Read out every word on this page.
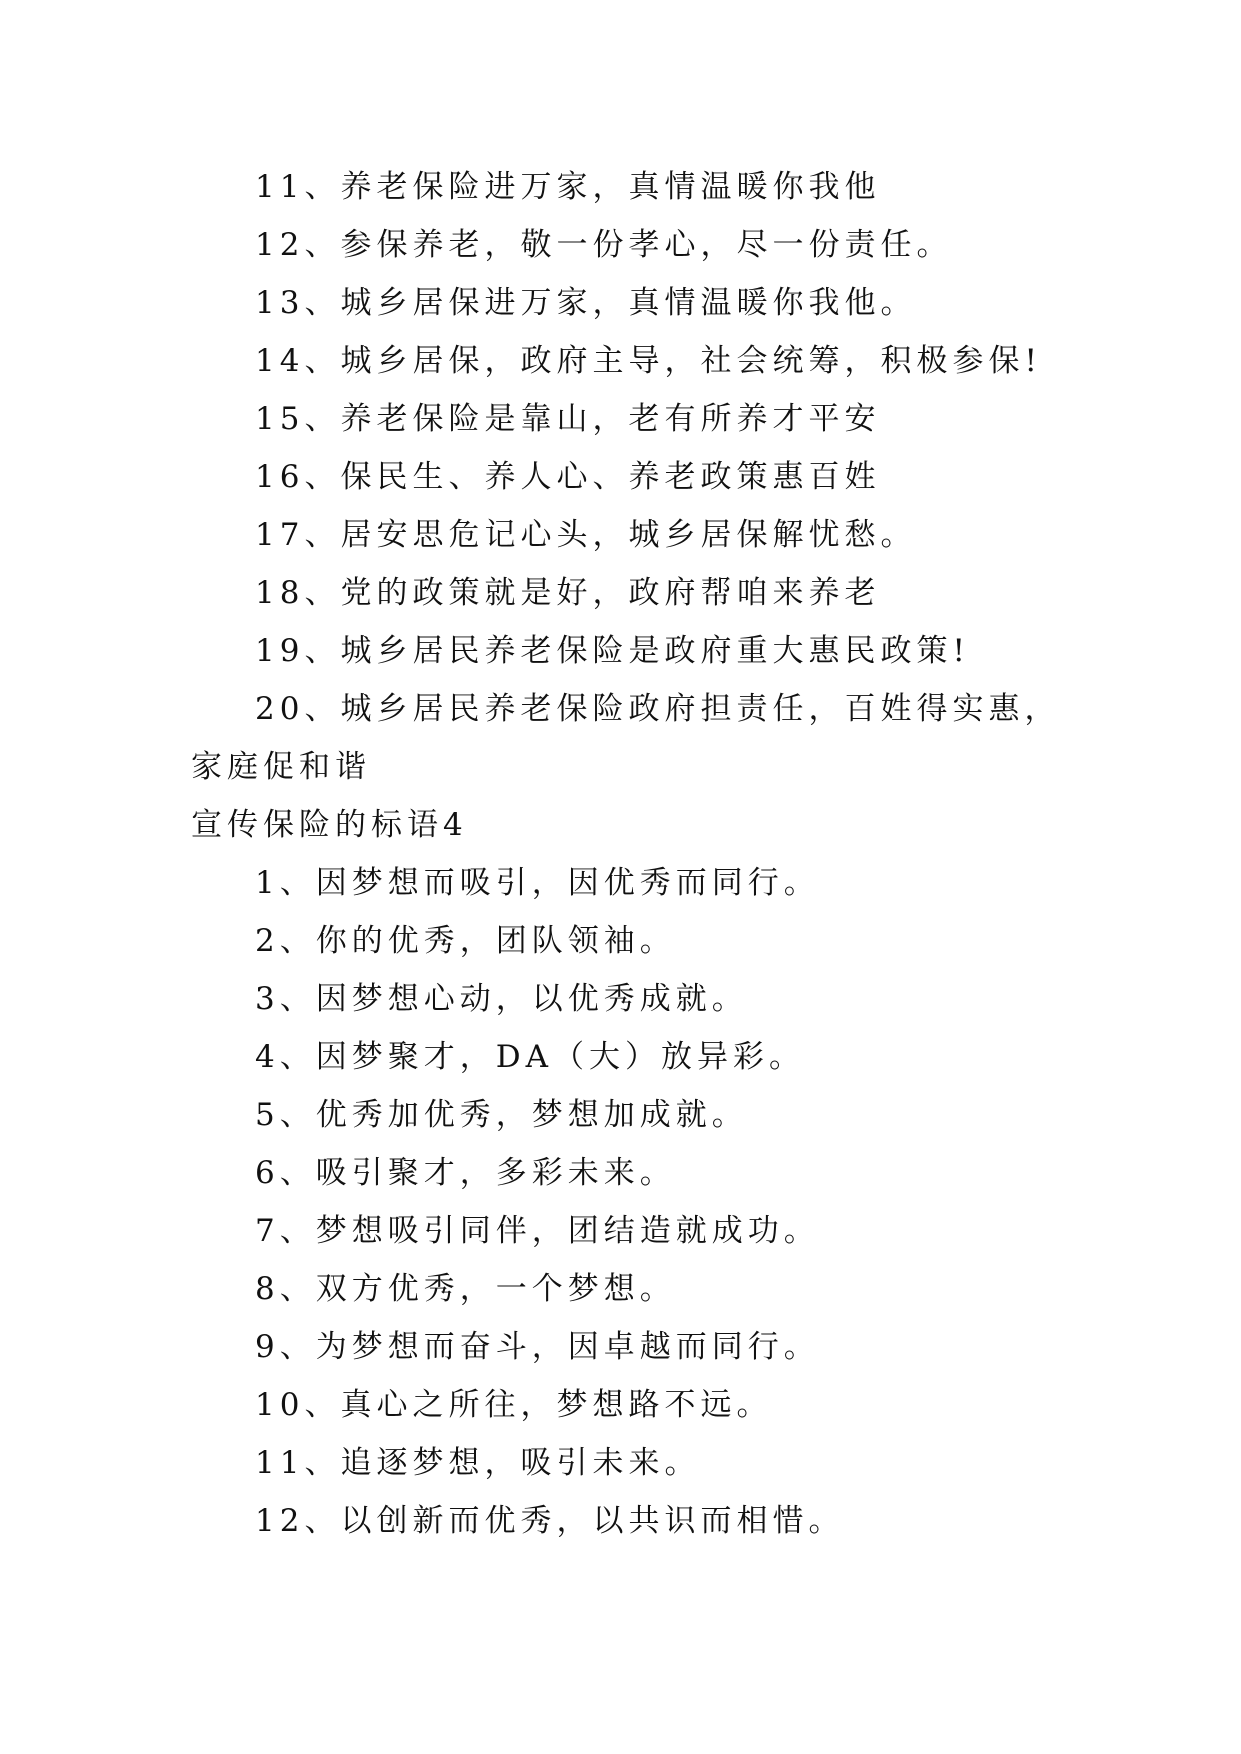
11、养老保险进万家，真情温暖你我他
12、参保养老，敬一份孝心，尽一份责任。
13、城乡居保进万家，真情温暖你我他。
14、城乡居保，政府主导，社会统筹，积极参保!
15、养老保险是靠山，老有所养才平安
16、保民生、养人心、养老政策惠百姓
17、居安思危记心头，城乡居保解忧愁。
18、党的政策就是好，政府帮咱来养老
19、城乡居民养老保险是政府重大惠民政策!
20、城乡居民养老保险政府担责任，百姓得实惠，家庭促和谐
宣传保险的标语4
1、因梦想而吸引，因优秀而同行。
2、你的优秀，团队领袖。
3、因梦想心动，以优秀成就。
4、因梦聚才，DA（大）放异彩。
5、优秀加优秀，梦想加成就。
6、吸引聚才，多彩未来。
7、梦想吸引同伴，团结造就成功。
8、双方优秀，一个梦想。
9、为梦想而奋斗，因卓越而同行。
10、真心之所往，梦想路不远。
11、追逐梦想，吸引未来。
12、以创新而优秀，以共识而相惜。
